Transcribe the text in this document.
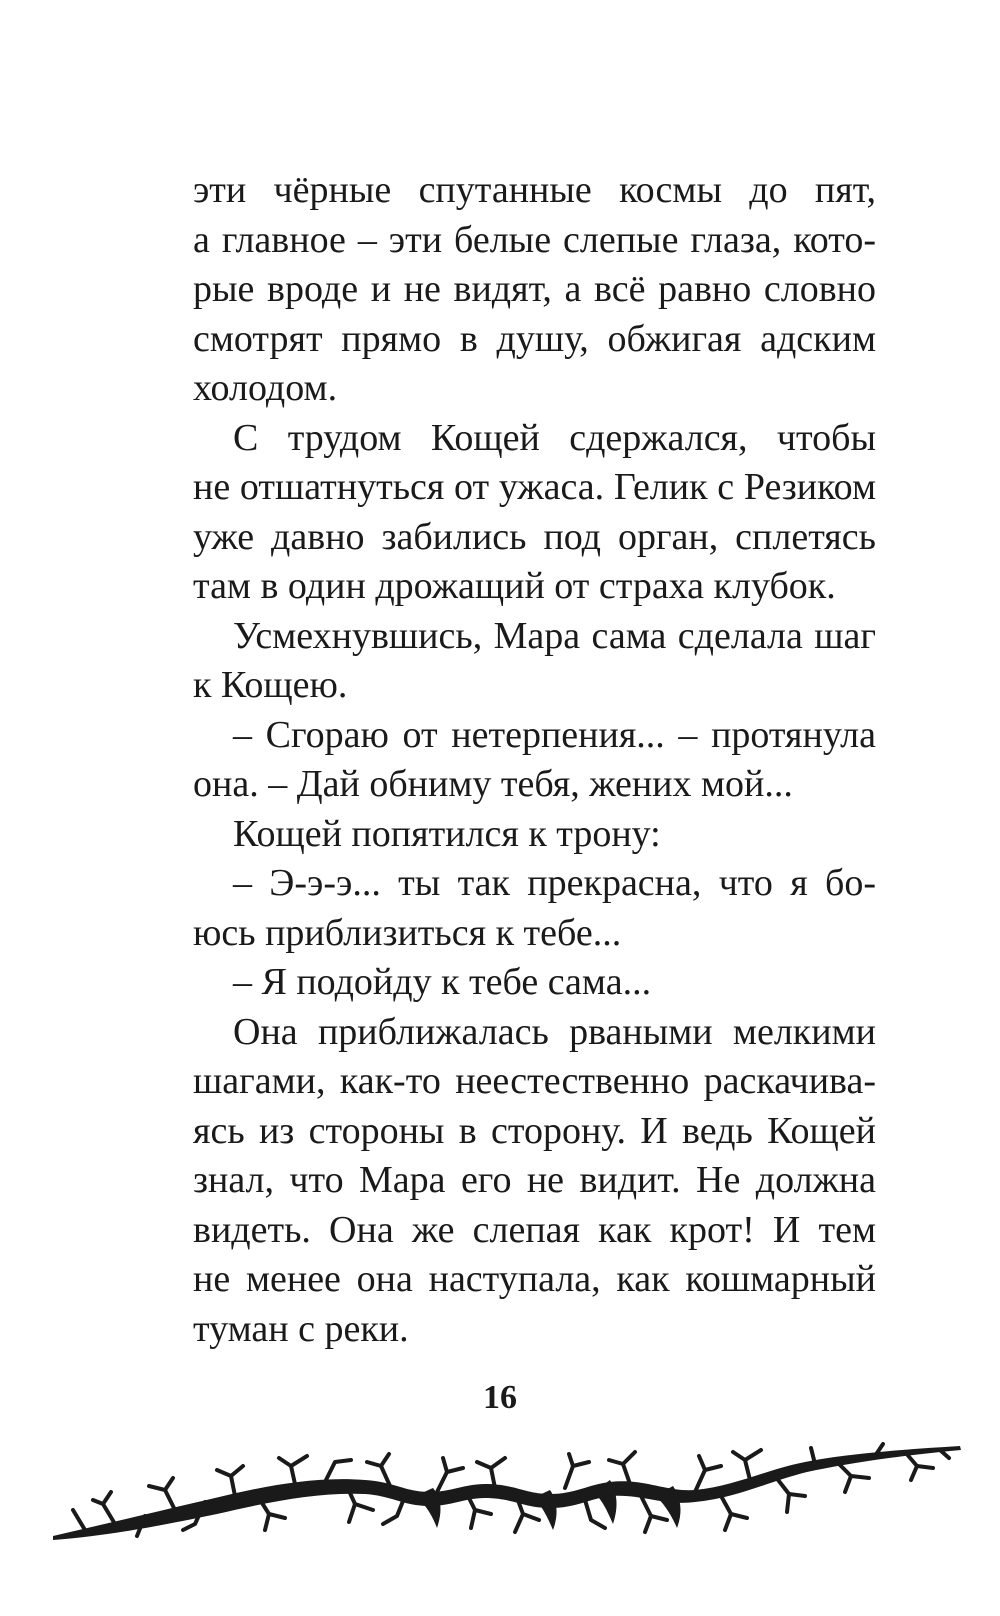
эти чёрные спутанные космы до пят,
а главное – эти белые слепые глаза, кото-
рые вроде и не видят, а всё равно словно
смотрят прямо в душу, обжигая адским
холодом.
С трудом Кощей сдержался, чтобы
не отшатнуться от ужаса. Гелик с Резиком
уже давно забились под орган, сплетясь
там в один дрожащий от страха клубок.
Усмехнувшись, Мара сама сделала шаг
к Кощею.
– Сгораю от нетерпения... – протянула
она. – Дай обниму тебя, жених мой...
Кощей попятился к трону:
– Э-э-э... ты так прекрасна, что я бо-
юсь приблизиться к тебе...
– Я подойду к тебе сама...
Она приближалась рваными мелкими
шагами, как-то неестественно раскачива-
ясь из стороны в сторону. И ведь Кощей
знал, что Мара его не видит. Не должна
видеть. Она же слепая как крот! И тем
не менее она наступала, как кошмарный
туман с реки.
16
